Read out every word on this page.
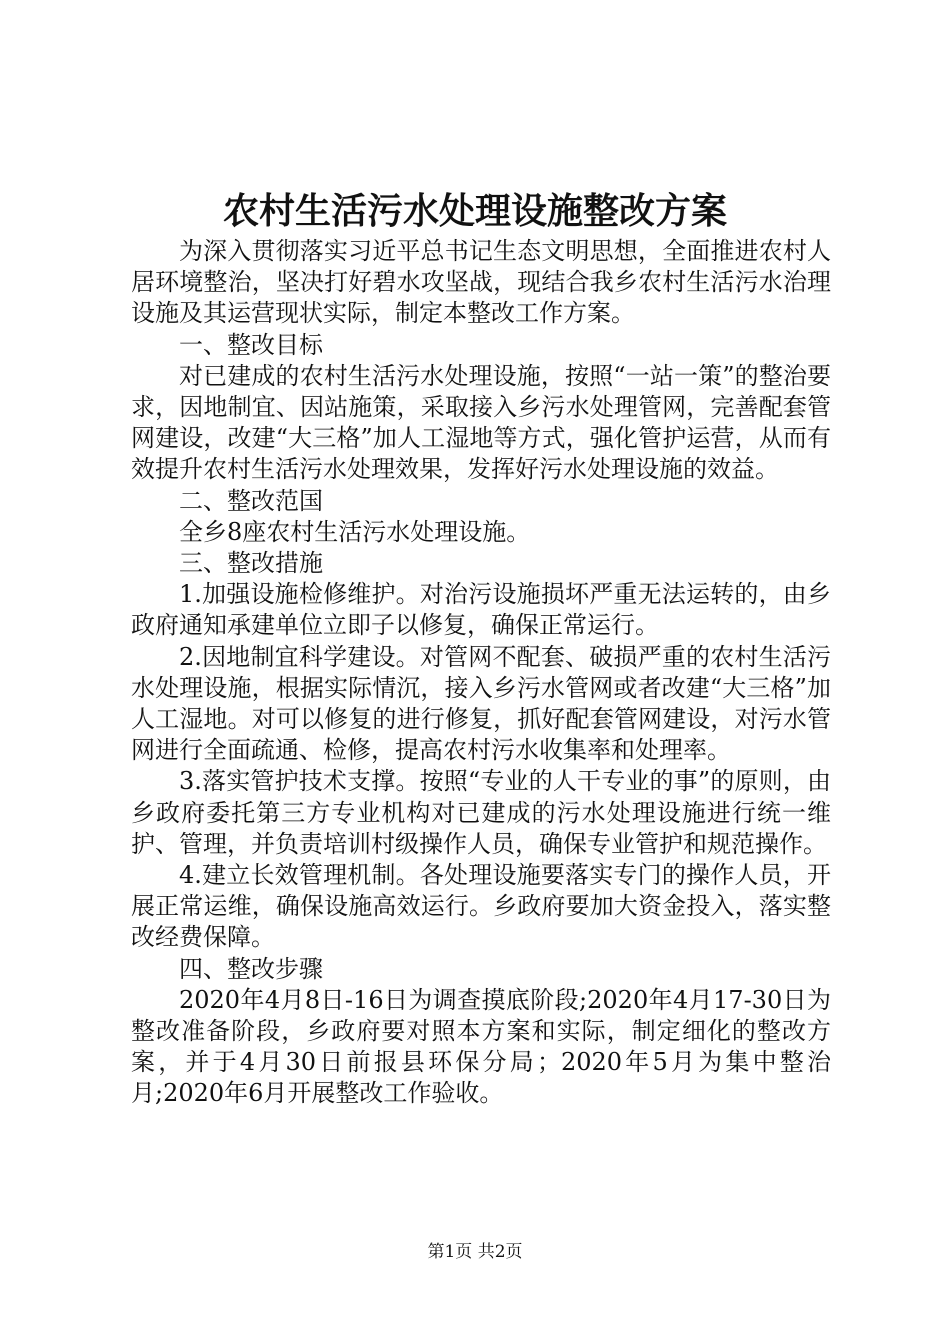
农村生活污水处理设施整改方案

为深入贯彻落实习近平总书记生态文明思想，全面推进农村人居环境整治，坚决打好碧水攻坚战，现结合我乡农村生活污水治理设施及其运营现状实际，制定本整改工作方案。

一、整改目标

对已建成的农村生活污水处理设施，按照“一站一策”的整治要求，因地制宜、因站施策，采取接入乡污水处理管网，完善配套管网建设，改建“大三格”加人工湿地等方式，强化管护运营，从而有效提升农村生活污水处理效果，发挥好污水处理设施的效益。

二、整改范国

全乡8座农村生活污水处理设施。

三、整改措施

1.加强设施检修维护。对治污设施损坏严重无法运转的，由乡政府通知承建单位立即子以修复，确保正常运行。

2.因地制宜科学建设。对管网不配套、破损严重的农村生活污水处理设施，根据实际情沉，接入乡污水管网或者改建“大三格”加人工湿地。对可以修复的进行修复，抓好配套管网建设，对污水管网进行全面疏通、检修，提高农村污水收集率和处理率。

3.落实管护技术支撑。按照“专业的人干专业的事”的原则，由乡政府委托第三方专业机构对已建成的污水处理设施进行统一维护、管理，并负责培训村级操作人员，确保专业管护和规范操作。

4.建立长效管理机制。各处理设施要落实专门的操作人员，开展正常运维，确保设施高效运行。乡政府要加大资金投入，落实整改经费保障。

四、整改步骤

2020年4月8日-16日为调查摸底阶段;2020年4月17-30日为整改准备阶段，乡政府要对照本方案和实际，制定细化的整改方案，并于4月30日前报县环保分局；2020年5月为集中整治月;2020年6月开展整改工作验收。

第1页 共2页
